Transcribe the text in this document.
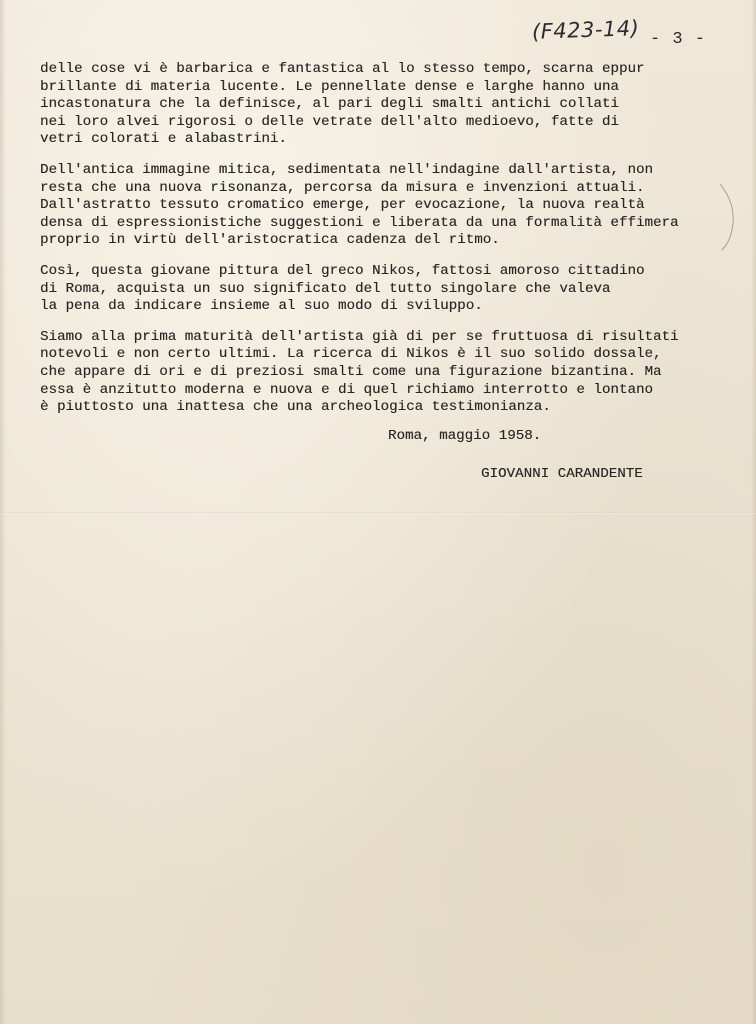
(F423-14) - 3 -
delle cose vi è barbarica e fantastica al lo stesso tempo, scarna eppur
brillante di materia lucente. Le pennellate dense e larghe hanno una
incastonatura che la definisce, al pari degli smalti antichi collati
nei loro alvei rigorosi o delle vetrate dell'alto medioevo, fatte di
vetri colorati e alabastrini.
Dell'antica immagine mitica, sedimentata nell'indagine dall'artista, non
resta che una nuova risonanza, percorsa da misura e invenzioni attuali.
Dall'astratto tessuto cromatico emerge, per evocazione, la nuova realtà
densa di espressionistiche suggestioni e liberata da una formalità effimera
proprio in virtù dell'aristocratica cadenza del ritmo.
Così, questa giovane pittura del greco Nikos, fattosi amoroso cittadino
di Roma, acquista un suo significato del tutto singolare che valeva
la pena da indicare insieme al suo modo di sviluppo.
Siamo alla prima maturità dell'artista già di per se fruttuosa di risultati
notevoli e non certo ultimi. La ricerca di Nikos è il suo solido dossale,
che appare di ori e di preziosi smalti come una figurazione bizantina. Ma
essa è anzitutto moderna e nuova e di quel richiamo interrotto e lontano
è piuttosto una inattesa che una archeologica testimonianza.
Roma, maggio 1958.
GIOVANNI CARANDENTE
